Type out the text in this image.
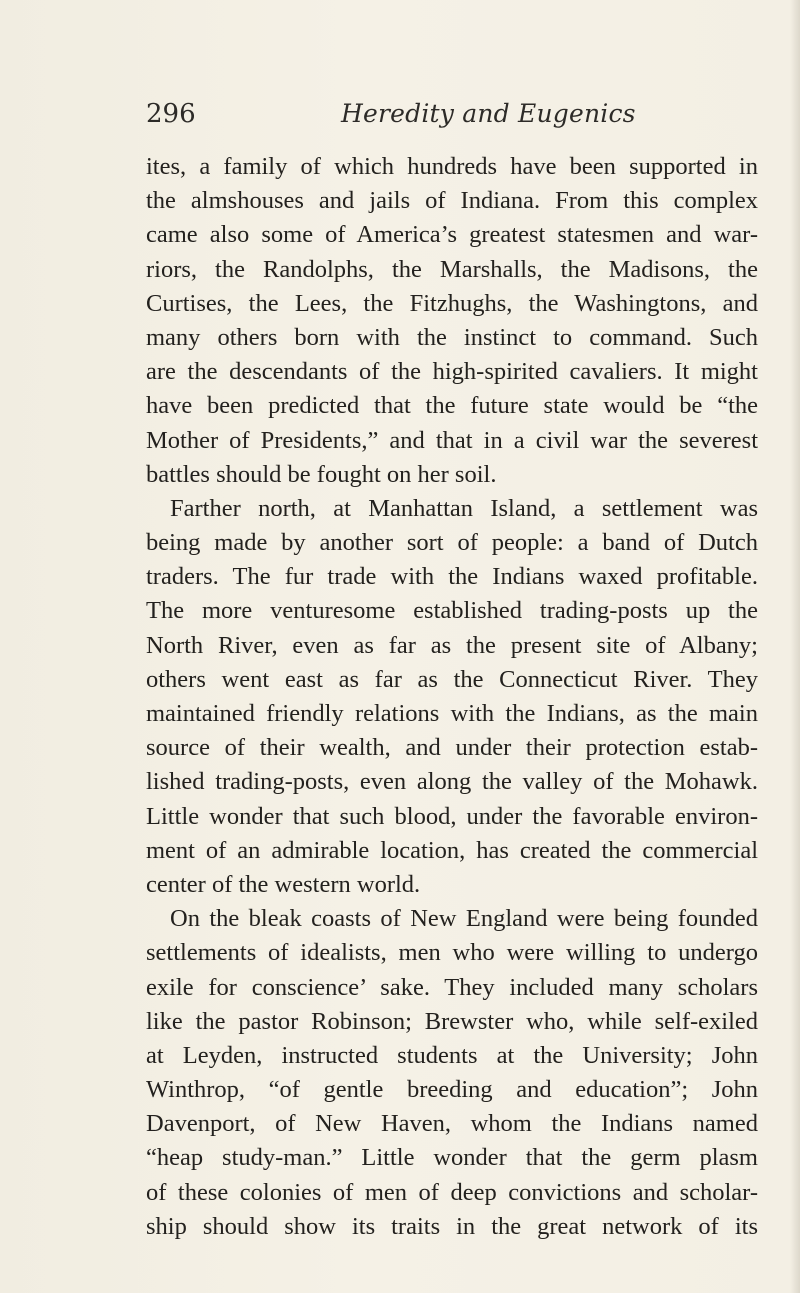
296	Heredity and Eugenics
ites, a family of which hundreds have been supported in
the almshouses and jails of Indiana. From this complex
came also some of America’s greatest statesmen and war-
riors, the Randolphs, the Marshalls, the Madisons, the
Curtises, the Lees, the Fitzhughs, the Washingtons, and
many others born with the instinct to command. Such
are the descendants of the high-spirited cavaliers. It might
have been predicted that the future state would be “the
Mother of Presidents,” and that in a civil war the severest
battles should be fought on her soil.
Farther north, at Manhattan Island, a settlement was
being made by another sort of people: a band of Dutch
traders. The fur trade with the Indians waxed profitable.
The more venturesome established trading-posts up the
North River, even as far as the present site of Albany;
others went east as far as the Connecticut River. They
maintained friendly relations with the Indians, as the main
source of their wealth, and under their protection estab-
lished trading-posts, even along the valley of the Mohawk.
Little wonder that such blood, under the favorable environ-
ment of an admirable location, has created the commercial
center of the western world.
On the bleak coasts of New England were being founded
settlements of idealists, men who were willing to undergo
exile for conscience’ sake. They included many scholars
like the pastor Robinson; Brewster who, while self-exiled
at Leyden, instructed students at the University; John
Winthrop, “of gentle breeding and education”; John
Davenport, of New Haven, whom the Indians named
“heap study-man.” Little wonder that the germ plasm
of these colonies of men of deep convictions and scholar-
ship should show its traits in the great network of its
